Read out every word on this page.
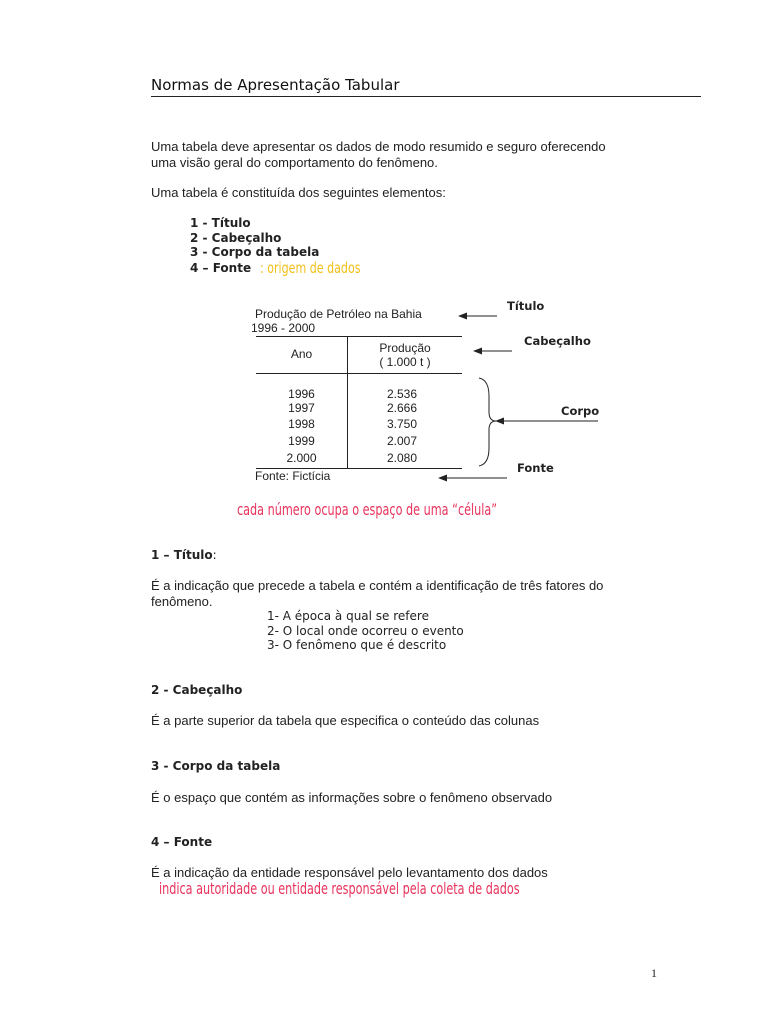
Normas de Apresentação Tabular
Uma tabela deve apresentar os dados de modo resumido e seguro oferecendo
uma visão geral do comportamento do fenômeno.
Uma tabela é constituída dos seguintes elementos:
1 - Título
2 - Cabeçalho
3 - Corpo da tabela
4 – Fonte : origem de dados
Produção de Petróleo na Bahia
1996 - 2000
Ano	Produção
( 1.000 t )
1996	2.536
1997	2.666
1998	3.750
1999	2.007
2.000	2.080
Fonte: Fictícia
Título
Cabeçalho
Corpo
Fonte
cada número ocupa o espaço de uma “célula”
1 – Título:
É a indicação que precede a tabela e contém a identificação de três fatores do
fenômeno.
1- A época à qual se refere
2- O local onde ocorreu o evento
3- O fenômeno que é descrito
2 - Cabeçalho
É a parte superior da tabela que especifica o conteúdo das colunas
3 - Corpo da tabela
É o espaço que contém as informações sobre o fenômeno observado
4 – Fonte
É a indicação da entidade responsável pelo levantamento dos dados
indica autoridade ou entidade responsável pela coleta de dados
1
